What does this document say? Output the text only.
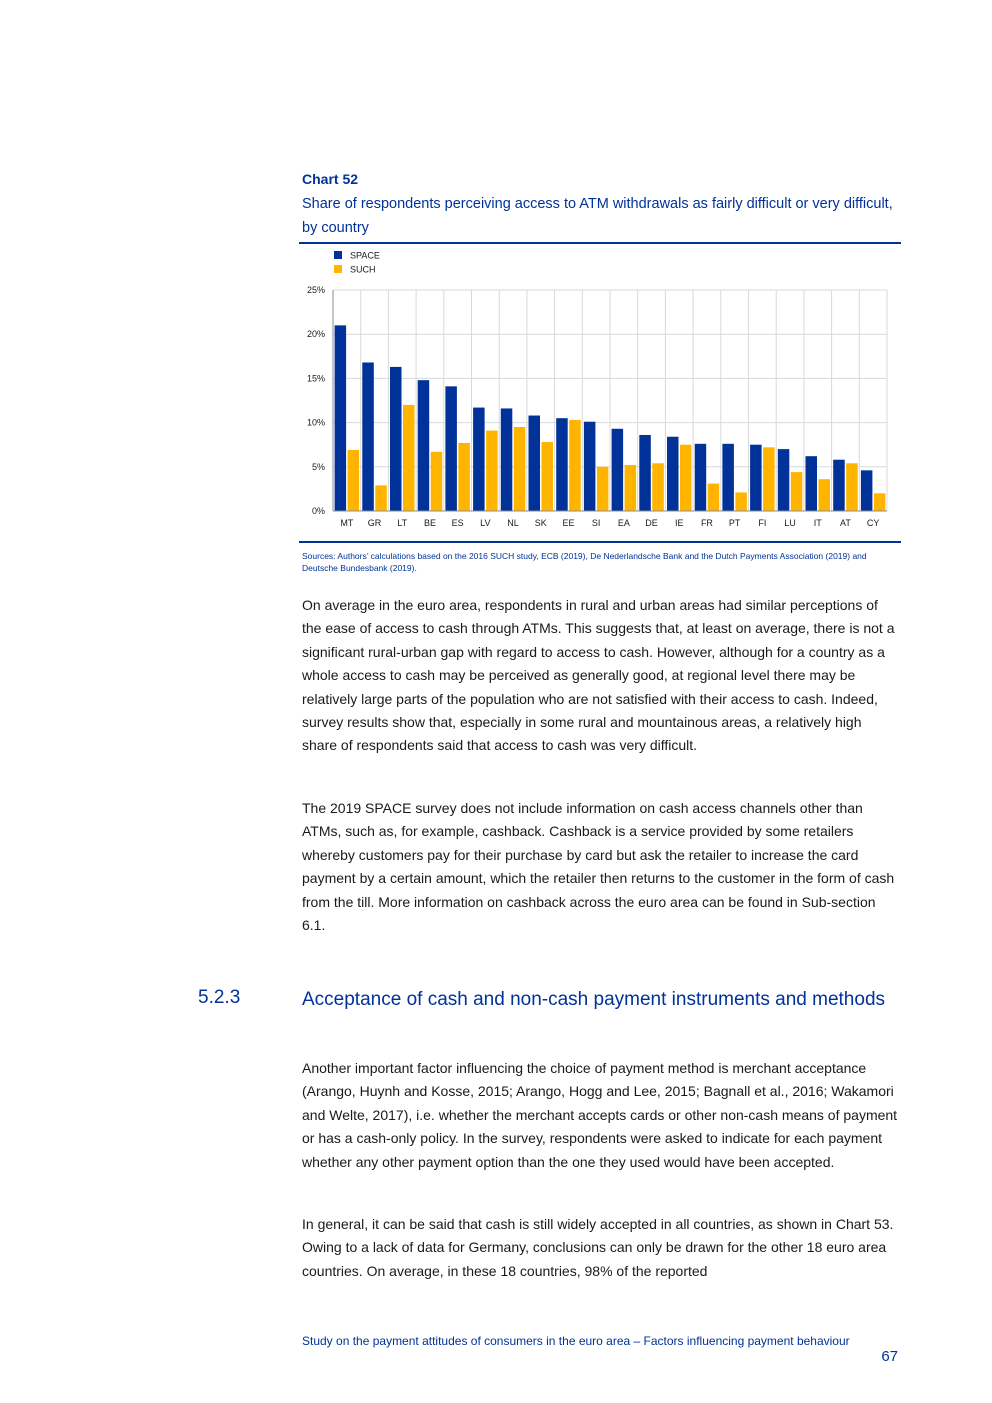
Chart 52
Share of respondents perceiving access to ATM withdrawals as fairly difficult or very difficult, by country
SPACE
SUCH
0%
5%
10%
15%
20%
25%
MT GR LT BE ES LV NL SK EE SI EA DE IE FR PT FI LU IT AT CY
Sources: Authors’ calculations based on the 2016 SUCH study, ECB (2019), De Nederlandsche Bank and the Dutch Payments Association (2019) and Deutsche Bundesbank (2019).

On average in the euro area, respondents in rural and urban areas had similar perceptions of the ease of access to cash through ATMs. This suggests that, at least on average, there is not a significant rural-urban gap with regard to access to cash. However, although for a country as a whole access to cash may be perceived as generally good, at regional level there may be relatively large parts of the population who are not satisfied with their access to cash. Indeed, survey results show that, especially in some rural and mountainous areas, a relatively high share of respondents said that access to cash was very difficult.

The 2019 SPACE survey does not include information on cash access channels other than ATMs, such as, for example, cashback. Cashback is a service provided by some retailers whereby customers pay for their purchase by card but ask the retailer to increase the card payment by a certain amount, which the retailer then returns to the customer in the form of cash from the till. More information on cashback across the euro area can be found in Sub-section 6.1.

5.2.3	Acceptance of cash and non-cash payment instruments and methods

Another important factor influencing the choice of payment method is merchant acceptance (Arango, Huynh and Kosse, 2015; Arango, Hogg and Lee, 2015; Bagnall et al., 2016; Wakamori and Welte, 2017), i.e. whether the merchant accepts cards or other non-cash means of payment or has a cash-only policy. In the survey, respondents were asked to indicate for each payment whether any other payment option than the one they used would have been accepted.

In general, it can be said that cash is still widely accepted in all countries, as shown in Chart 53. Owing to a lack of data for Germany, conclusions can only be drawn for the other 18 euro area countries. On average, in these 18 countries, 98% of the reported

Study on the payment attitudes of consumers in the euro area – Factors influencing payment behaviour
67
